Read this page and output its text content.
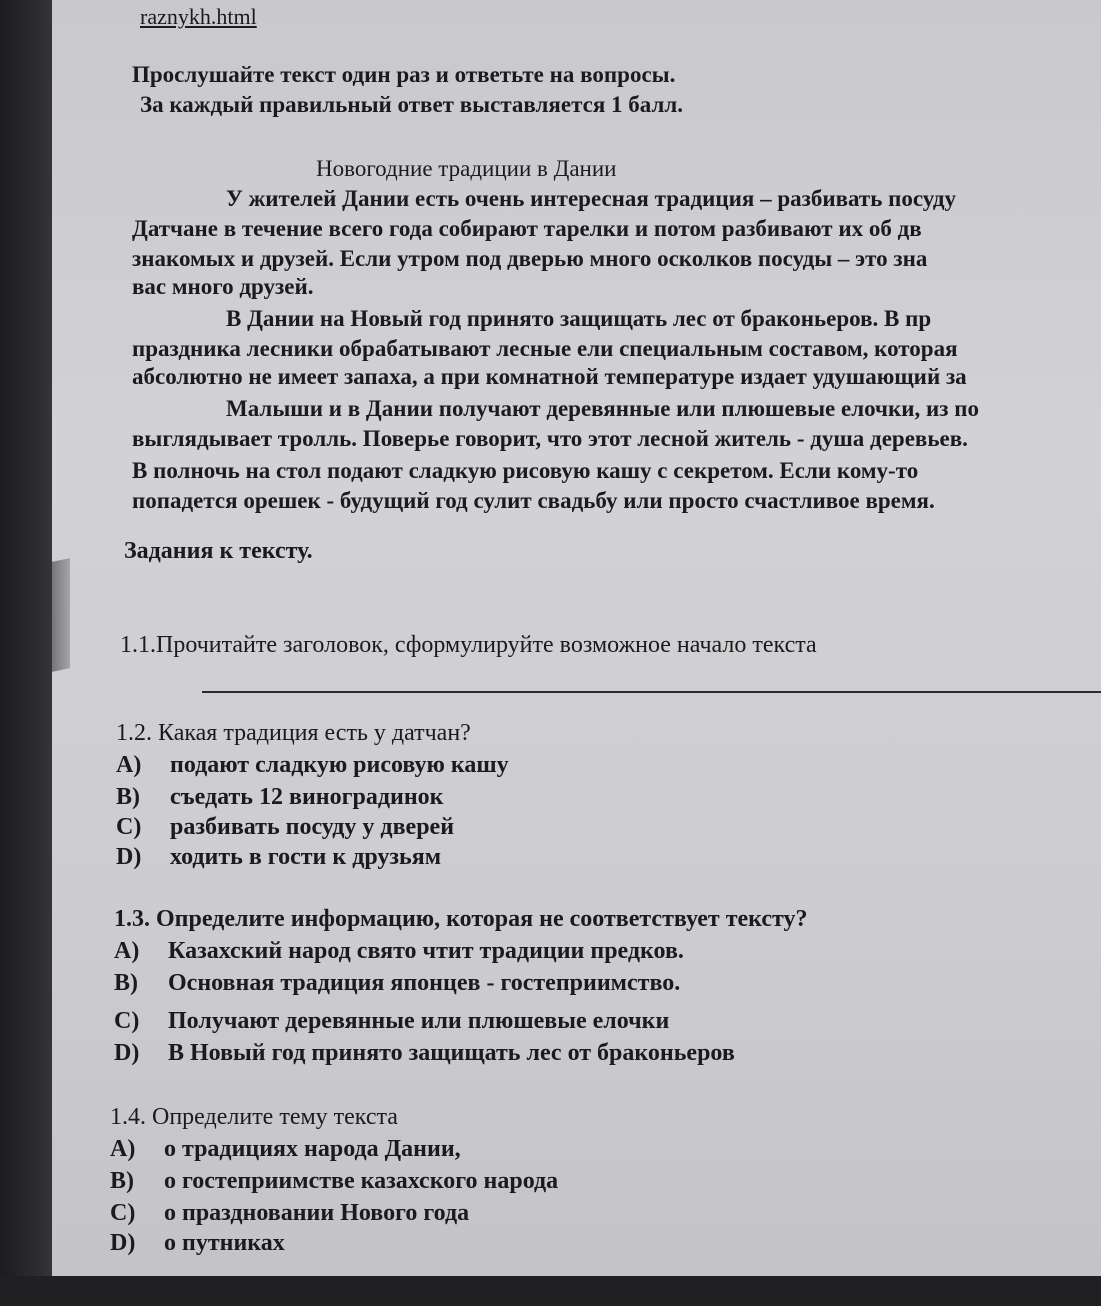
raznykh.html
Прослушайте текст один раз и ответьте на вопросы.
За каждый правильный ответ выставляется 1 балл.
Новогодние традиции в Дании
У жителей Дании есть очень интересная традиция – разбивать посуду
Датчане в течение всего года собирают тарелки и потом разбивают их об дв
знакомых и друзей. Если утром под дверью много осколков посуды – это зна
вас много друзей.
В Дании на Новый год принято защищать лес от браконьеров. В пр
праздника лесники обрабатывают лесные ели специальным составом, которая
абсолютно не имеет запаха, а при комнатной температуре издает удушающий за
Малыши и в Дании получают деревянные или плюшевые елочки, из по
выглядывает тролль. Поверье говорит, что этот лесной житель - душа деревьев.
В полночь на стол подают сладкую рисовую кашу с секретом. Если кому-то
попадется орешек - будущий год сулит свадьбу или просто счастливое время.
Задания к тексту.
1.1.Прочитайте заголовок, сформулируйте возможное начало текста
1.2. Какая традиция есть у датчан?
A) подают сладкую рисовую кашу
B) съедать 12 виноградинок
C) разбивать посуду у дверей
D) ходить в гости к друзьям
1.3. Определите информацию, которая не соответствует тексту?
A) Казахский народ свято чтит традиции предков.
B) Основная традиция японцев - гостеприимство.
C) Получают деревянные или плюшевые елочки
D) В Новый год принято защищать лес от браконьеров
1.4. Определите тему текста
A) о традициях народа Дании,
B) о гостеприимстве казахского народа
C) о праздновании Нового года
D) о путниках
